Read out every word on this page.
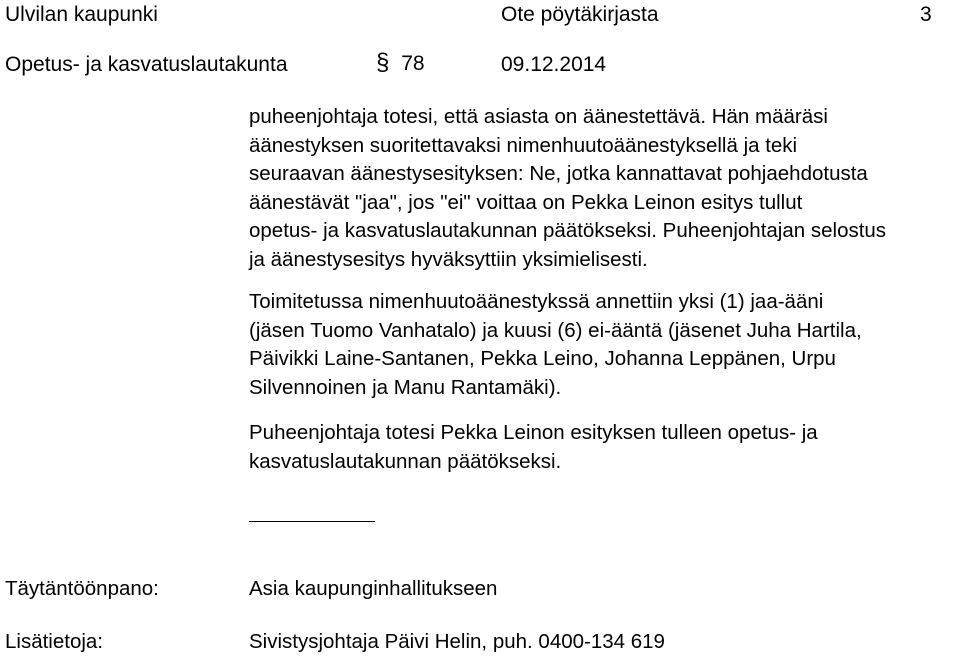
Ulvilan kaupunki	Ote pöytäkirjasta	3
Opetus- ja kasvatuslautakunta	§ 78	09.12.2014
puheenjohtaja totesi, että asiasta on äänestettävä. Hän määräsi
äänestyksen suoritettavaksi nimenhuutoäänestyksellä ja teki
seuraavan äänestysesityksen: Ne, jotka kannattavat pohjaehdotusta
äänestävät "jaa", jos "ei" voittaa on Pekka Leinon esitys tullut
opetus- ja kasvatuslautakunnan päätökseksi. Puheenjohtajan selostus
ja äänestysesitys hyväksyttiin yksimielisesti.
Toimitetussa nimenhuutoäänestykssä annettiin yksi (1) jaa-ääni
(jäsen Tuomo Vanhatalo) ja kuusi (6) ei-ääntä (jäsenet Juha Hartila,
Päivikki Laine-Santanen, Pekka Leino, Johanna Leppänen, Urpu
Silvennoinen ja Manu Rantamäki).
Puheenjohtaja totesi Pekka Leinon esityksen tulleen opetus- ja
kasvatuslautakunnan päätökseksi.
Täytäntöönpano:	Asia kaupunginhallitukseen
Lisätietoja:	Sivistysjohtaja Päivi Helin, puh. 0400-134 619
